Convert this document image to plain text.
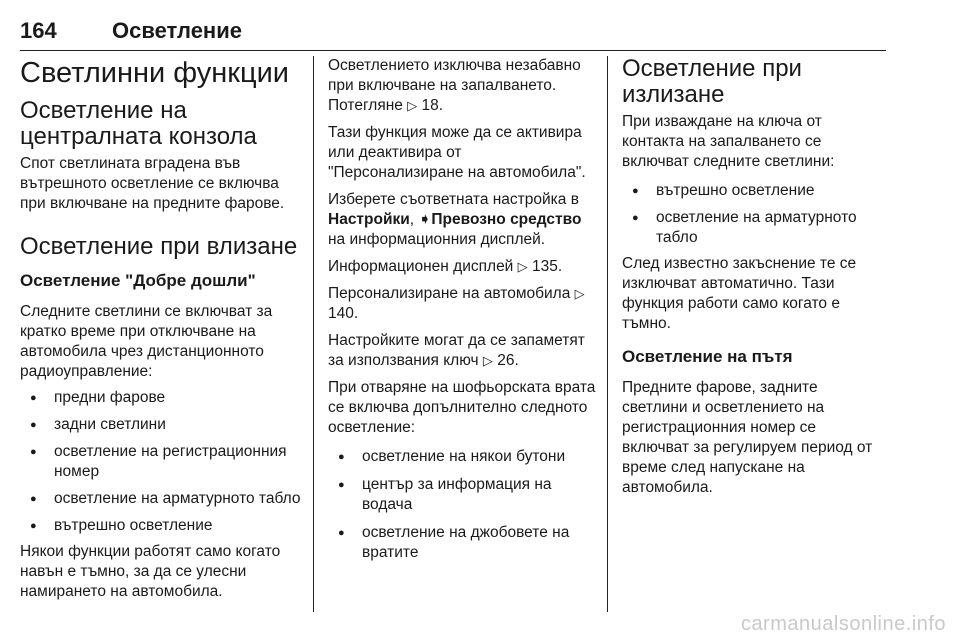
164	Осветление
Светлинни функции
Осветление на централната конзола

Спот светлината вградена във вътрешното осветление се включва при включване на предните фарове.

Осветление при влизане
Осветление "Добре дошли"

Следните светлини се включват за кратко време при отключване на автомобила чрез дистанционното радиоуправление:

● предни фарове
● задни светлини
● осветление на регистрационния номер
● осветление на арматурното табло
● вътрешно осветление

Някои функции работят само когато навън е тъмно, за да се улесни намирането на автомобила.

Осветлението изключва незабавно при включване на запалването.

Потегляне ▷ 18.

Тази функция може да се активира или деактивира от "Персонализиране на автомобила".

Изберете съответната настройка в Настройки, ➧Превозно средство на информационния дисплей.

Информационен дисплей ▷ 135.

Персонализиране на автомобила ▷ 140.

Настройките могат да се запаметят за използвания ключ ▷ 26.

При отваряне на шофьорската врата се включва допълнително следното осветление:

● осветление на някои бутони
● център за информация на водача
● осветление на джобовете на вратите
Осветление при излизане

При изваждане на ключа от контакта на запалването се включват следните светлини:

● вътрешно осветление
● осветление на арматурното табло

След известно закъснение те се изключват автоматично. Тази функция работи само когато е тъмно.

Осветление на пътя

Предните фарове, задните светлини и осветлението на регистрационния номер се включват за регулируем период от време след напускане на автомобила.

carmanualsonline.info
